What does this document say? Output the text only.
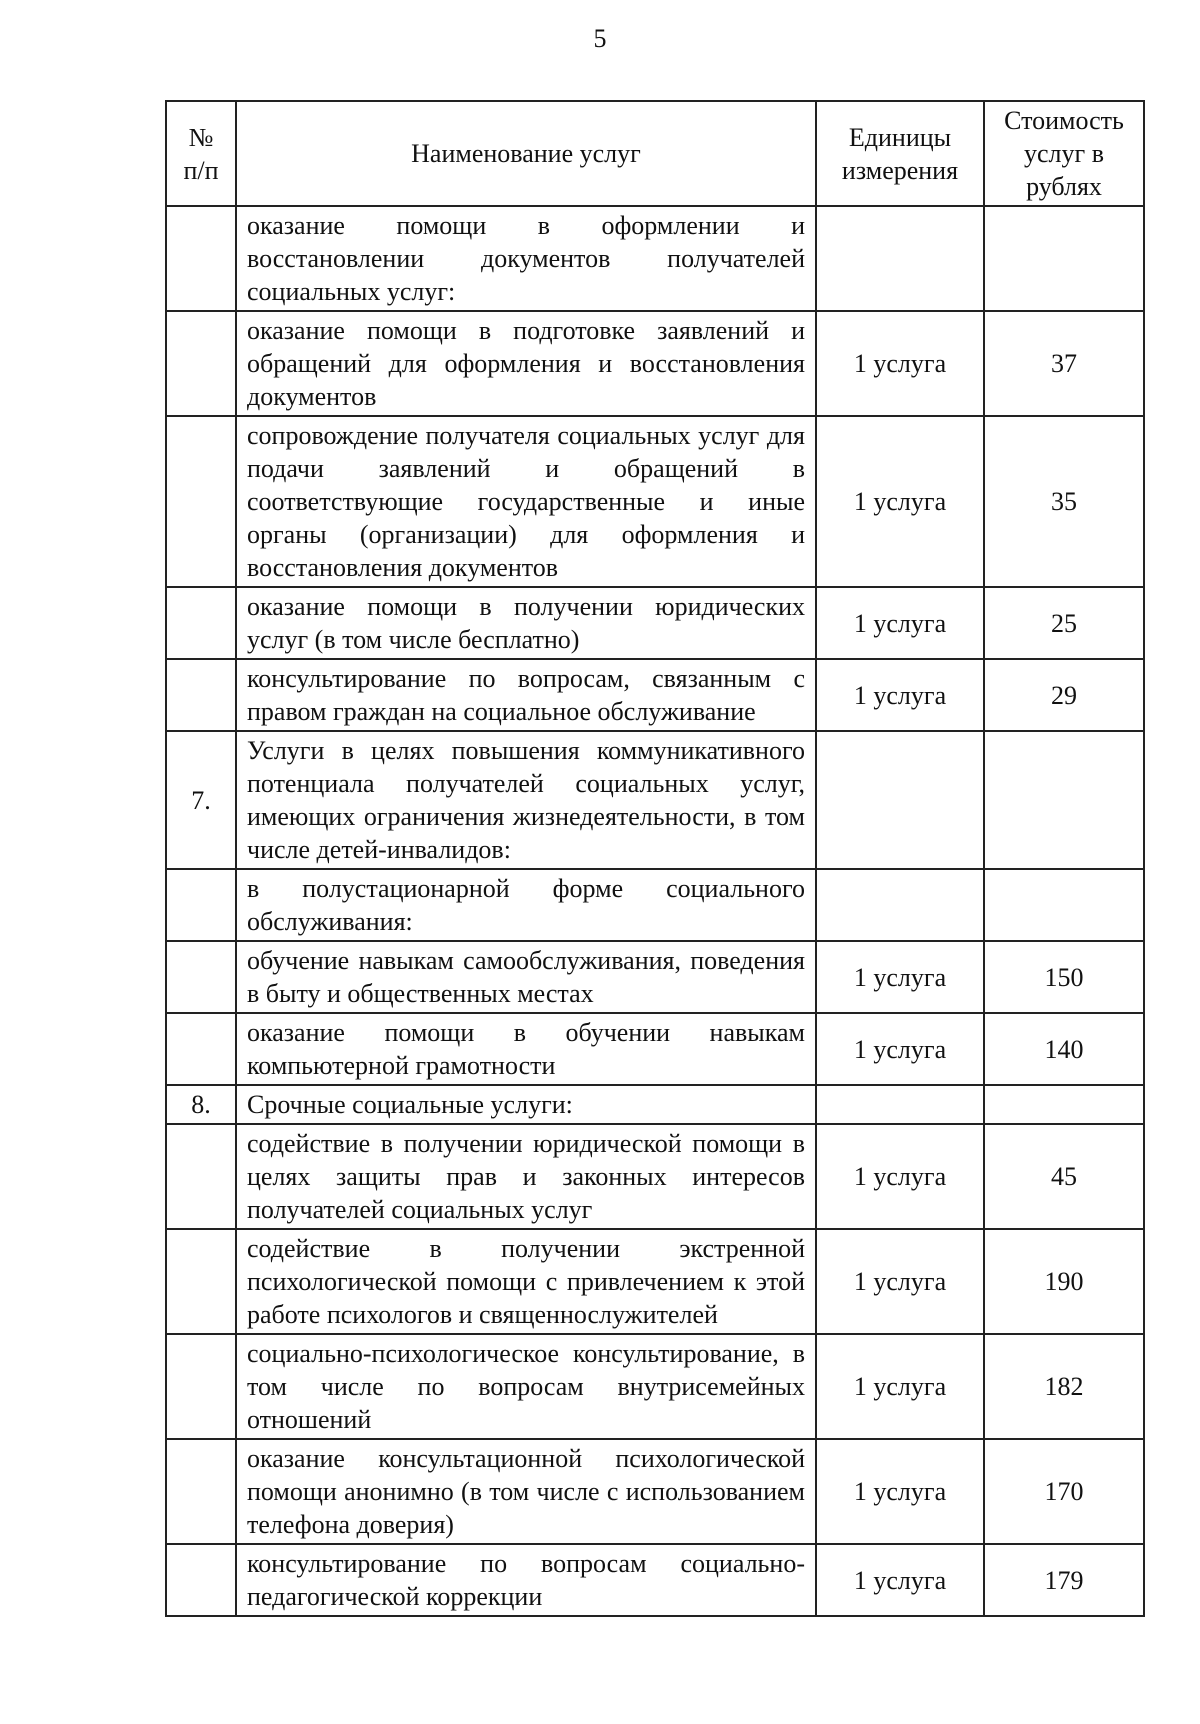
5
№ п/п	Наименование услуг	Единицы измерения	Стоимость услуг в рублях
	оказание помощи в оформлении и восстановлении документов получателей социальных услуг:		
	оказание помощи в подготовке заявлений и обращений для оформления и восстановления документов	1 услуга	37
	сопровождение получателя социальных услуг для подачи заявлений и обращений в соответствующие государственные и иные органы (организации) для оформления и восстановления документов	1 услуга	35
	оказание помощи в получении юридических услуг (в том числе бесплатно)	1 услуга	25
	консультирование по вопросам, связанным с правом граждан на социальное обслуживание	1 услуга	29
7.	Услуги в целях повышения коммуникативного потенциала получателей социальных услуг, имеющих ограничения жизнедеятельности, в том числе детей-инвалидов:		
	в полустационарной форме социального обслуживания:		
	обучение навыкам самообслуживания, поведения в быту и общественных местах	1 услуга	150
	оказание помощи в обучении навыкам компьютерной грамотности	1 услуга	140
8.	Срочные социальные услуги:		
	содействие в получении юридической помощи в целях защиты прав и законных интересов получателей социальных услуг	1 услуга	45
	содействие в получении экстренной психологической помощи с привлечением к этой работе психологов и священнослужителей	1 услуга	190
	социально-психологическое консультирование, в том числе по вопросам внутрисемейных отношений	1 услуга	182
	оказание консультационной психологической помощи анонимно (в том числе с использованием телефона доверия)	1 услуга	170
	консультирование по вопросам социально-педагогической коррекции	1 услуга	179
